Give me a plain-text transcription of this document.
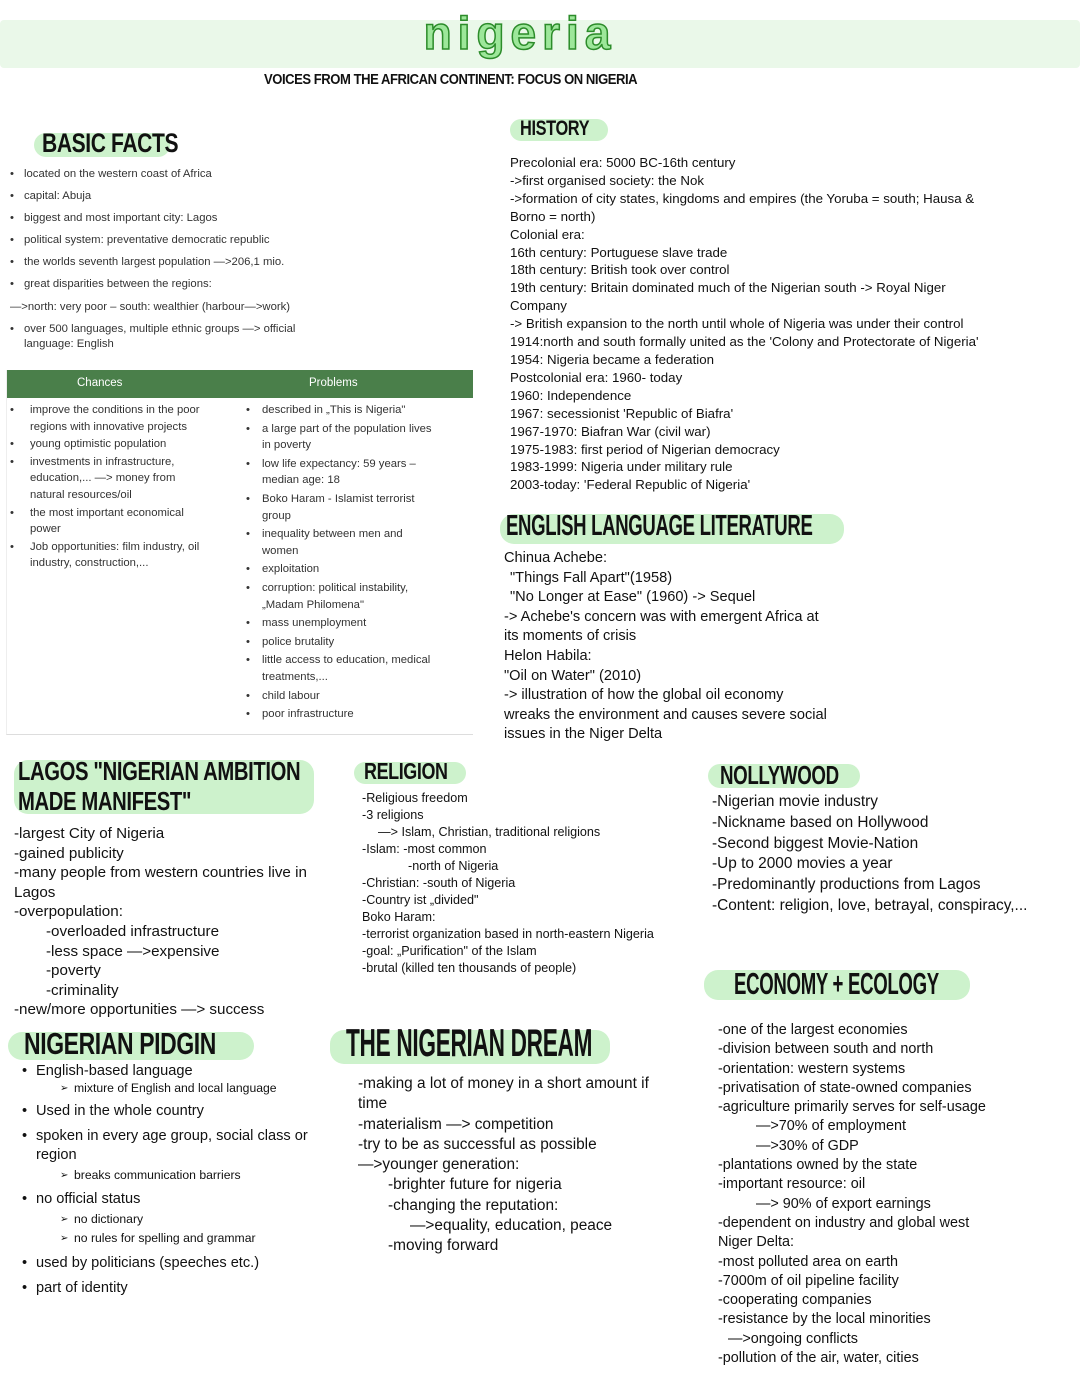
nigeria
VOICES FROM THE AFRICAN CONTINENT: FOCUS ON NIGERIA
BASIC FACTS
• located on the western coast of Africa
• capital: Abuja
• biggest and most important city: Lagos
• political system: preventative democratic republic
• the worlds seventh largest population —>206,1 mio.
• great disparities between the regions:
—>north: very poor – south: wealthier (harbour—>work)
• over 500 languages, multiple ethnic groups —> official
language: English
Chances	Problems
• improve the conditions in the poor
regions with innovative projects
• young optimistic population
• investments in infrastructure,
education,... —> money from
natural resources/oil
• the most important economical
power
• Job opportunities: film industry, oil
industry, construction,...
• described in „This is Nigeria"
• a large part of the population lives
in poverty
• low life expectancy: 59 years –
median age: 18
• Boko Haram - Islamist terrorist
group
• inequality between men and
women
• exploitation
• corruption: political instability,
„Madam Philomena"
• mass unemployment
• police brutality
• little access to education, medical
treatments,...
• child labour
• poor infrastructure
HISTORY
Precolonial era: 5000 BC-16th century
->first organised society: the Nok
->formation of city states, kingdoms and empires (the Yoruba = south; Hausa &
Borno = north)
Colonial era:
16th century: Portuguese slave trade
18th century: British took over control
19th century: Britain dominated much of the Nigerian south -> Royal Niger
Company
-> British expansion to the north until whole of Nigeria was under their control
1914:north and south formally united as the 'Colony and Protectorate of Nigeria'
1954: Nigeria became a federation
Postcolonial era: 1960- today
1960: Independence
1967: secessionist 'Republic of Biafra'
1967-1970: Biafran War (civil war)
1975-1983: first period of Nigerian democracy
1983-1999: Nigeria under military rule
2003-today: 'Federal Republic of Nigeria'
ENGLISH LANGUAGE LITERATURE
Chinua Achebe:
"Things Fall Apart"(1958)
"No Longer at Ease" (1960) -> Sequel
-> Achebe's concern was with emergent Africa at
its moments of crisis
Helon Habila:
"Oil on Water" (2010)
-> illustration of how the global oil economy
wreaks the environment and causes severe social
issues in the Niger Delta
LAGOS "NIGERIAN AMBITION
MADE MANIFEST"
-largest City of Nigeria
-gained publicity
-many people from western countries live in
Lagos
-overpopulation:
-overloaded infrastructure
-less space —>expensive
-poverty
-criminality
-new/more opportunities —> success
RELIGION
-Religious freedom
-3 religions
—> Islam, Christian, traditional religions
-Islam: -most common
-north of Nigeria
-Christian: -south of Nigeria
-Country ist „divided"
Boko Haram:
-terrorist organization based in north-eastern Nigeria
-goal: „Purification" of the Islam
-brutal (killed ten thousands of people)
NOLLYWOOD
-Nigerian movie industry
-Nickname based on Hollywood
-Second biggest Movie-Nation
-Up to 2000 movies a year
-Predominantly productions from Lagos
-Content: religion, love, betrayal, conspiracy,...
NIGERIAN PIDGIN
• English-based language
➢ mixture of English and local language
• Used in the whole country
• spoken in every age group, social class or
region
➢ breaks communication barriers
• no official status
➢ no dictionary
➢ no rules for spelling and grammar
• used by politicians (speeches etc.)
• part of identity
THE NIGERIAN DREAM
-making a lot of money in a short amount if
time
-materialism —> competition
-try to be as successful as possible
—>younger generation:
-brighter future for nigeria
-changing the reputation:
—>equality, education, peace
-moving forward
ECONOMY + ECOLOGY
-one of the largest economies
-division between south and north
-orientation: western systems
-privatisation of state-owned companies
-agriculture primarily serves for self-usage
—>70% of employment
—>30% of GDP
-plantations owned by the state
-important resource: oil
—> 90% of export earnings
-dependent on industry and global west
Niger Delta:
-most polluted area on earth
-7000m of oil pipeline facility
-cooperating companies
-resistance by the local minorities
—>ongoing conflicts
-pollution of the air, water, cities
